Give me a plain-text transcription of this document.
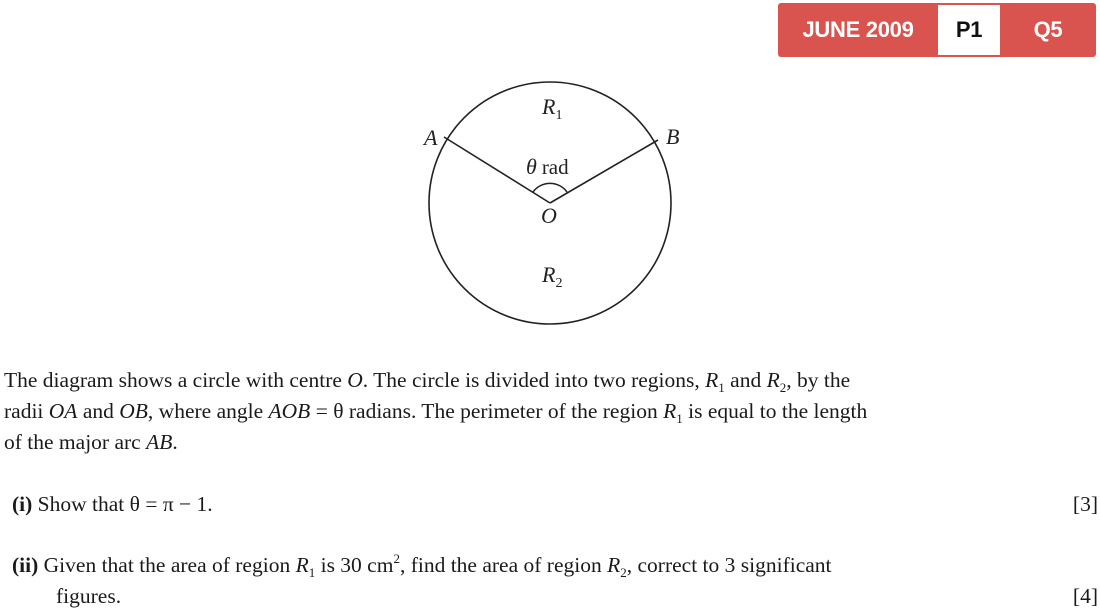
JUNE 2009	P1	Q5
A	B
O
R1
R2
θ rad
The diagram shows a circle with centre O. The circle is divided into two regions, $R_1$ and $R_2$, by the
radii OA and OB, where angle AOB = θ radians. The perimeter of the region $R_1$ is equal to the length
of the major arc AB.
(i) Show that θ = π − 1.	[3]
(ii) Given that the area of region $R_1$ is 30 $cm^2$, find the area of region $R_2$, correct to 3 significant
figures.	[4]
